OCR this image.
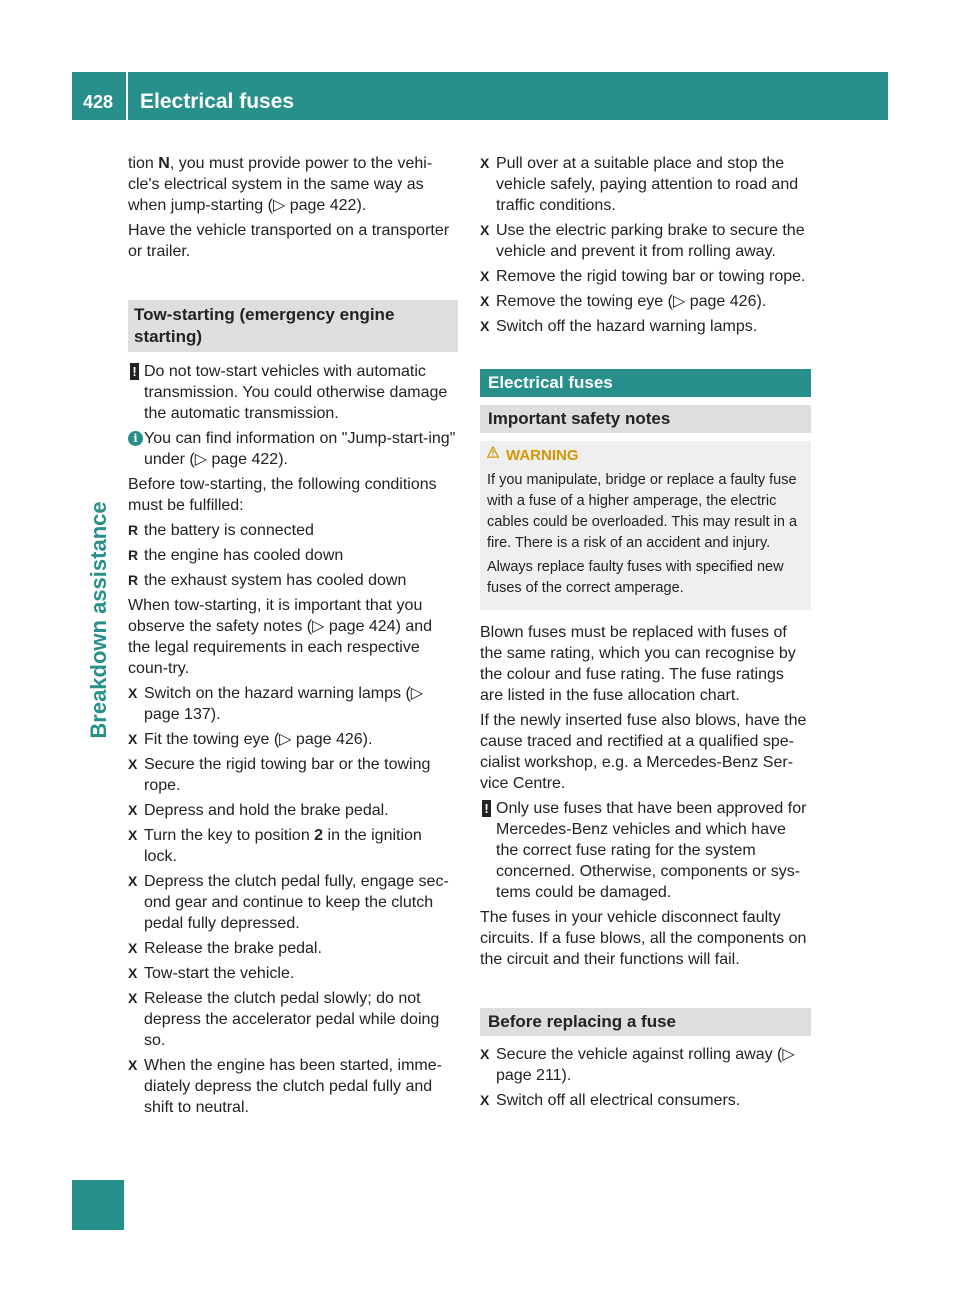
428	Electrical fuses
Breakdown assistance

tion N, you must provide power to the vehi-cle's electrical system in the same way as when jump-starting (▷ page 422).

Have the vehicle transported on a transporter or trailer.

Tow-starting (emergency engine starting)
! Do not tow-start vehicles with automatic transmission. You could otherwise damage the automatic transmission.
i You can find information on "Jump-start-ing" under (▷ page 422).

Before tow-starting, the following conditions must be fulfilled:

R the battery is connected
R the engine has cooled down
R the exhaust system has cooled down

When tow-starting, it is important that you observe the safety notes (▷ page 424) and the legal requirements in each respective coun-try.

X Switch on the hazard warning lamps (▷ page 137).
X Fit the towing eye (▷ page 426).
X Secure the rigid towing bar or the towing rope.
X Depress and hold the brake pedal.
X Turn the key to position 2 in the ignition lock.
X Depress the clutch pedal fully, engage sec-ond gear and continue to keep the clutch pedal fully depressed.
X Release the brake pedal.
X Tow-start the vehicle.
X Release the clutch pedal slowly; do not depress the accelerator pedal while doing so.
X When the engine has been started, imme-diately depress the clutch pedal fully and shift to neutral.
X Pull over at a suitable place and stop the vehicle safely, paying attention to road and traffic conditions.
X Use the electric parking brake to secure the vehicle and prevent it from rolling away.
X Remove the rigid towing bar or towing rope.
X Remove the towing eye (▷ page 426).
X Switch off the hazard warning lamps.
Electrical fuses
Important safety notes
WARNING

If you manipulate, bridge or replace a faulty fuse with a fuse of a higher amperage, the electric cables could be overloaded. This may result in a fire. There is a risk of an accident and injury.

Always replace faulty fuses with specified new fuses of the correct amperage.

Blown fuses must be replaced with fuses of the same rating, which you can recognise by the colour and fuse rating. The fuse ratings are listed in the fuse allocation chart.

If the newly inserted fuse also blows, have the cause traced and rectified at a qualified spe-cialist workshop, e.g. a Mercedes-Benz Ser-vice Centre.

! Only use fuses that have been approved for Mercedes-Benz vehicles and which have the correct fuse rating for the system concerned. Otherwise, components or sys-tems could be damaged.

The fuses in your vehicle disconnect faulty circuits. If a fuse blows, all the components on the circuit and their functions will fail.

Before replacing a fuse
X Secure the vehicle against rolling away (▷ page 211).
X Switch off all electrical consumers.
